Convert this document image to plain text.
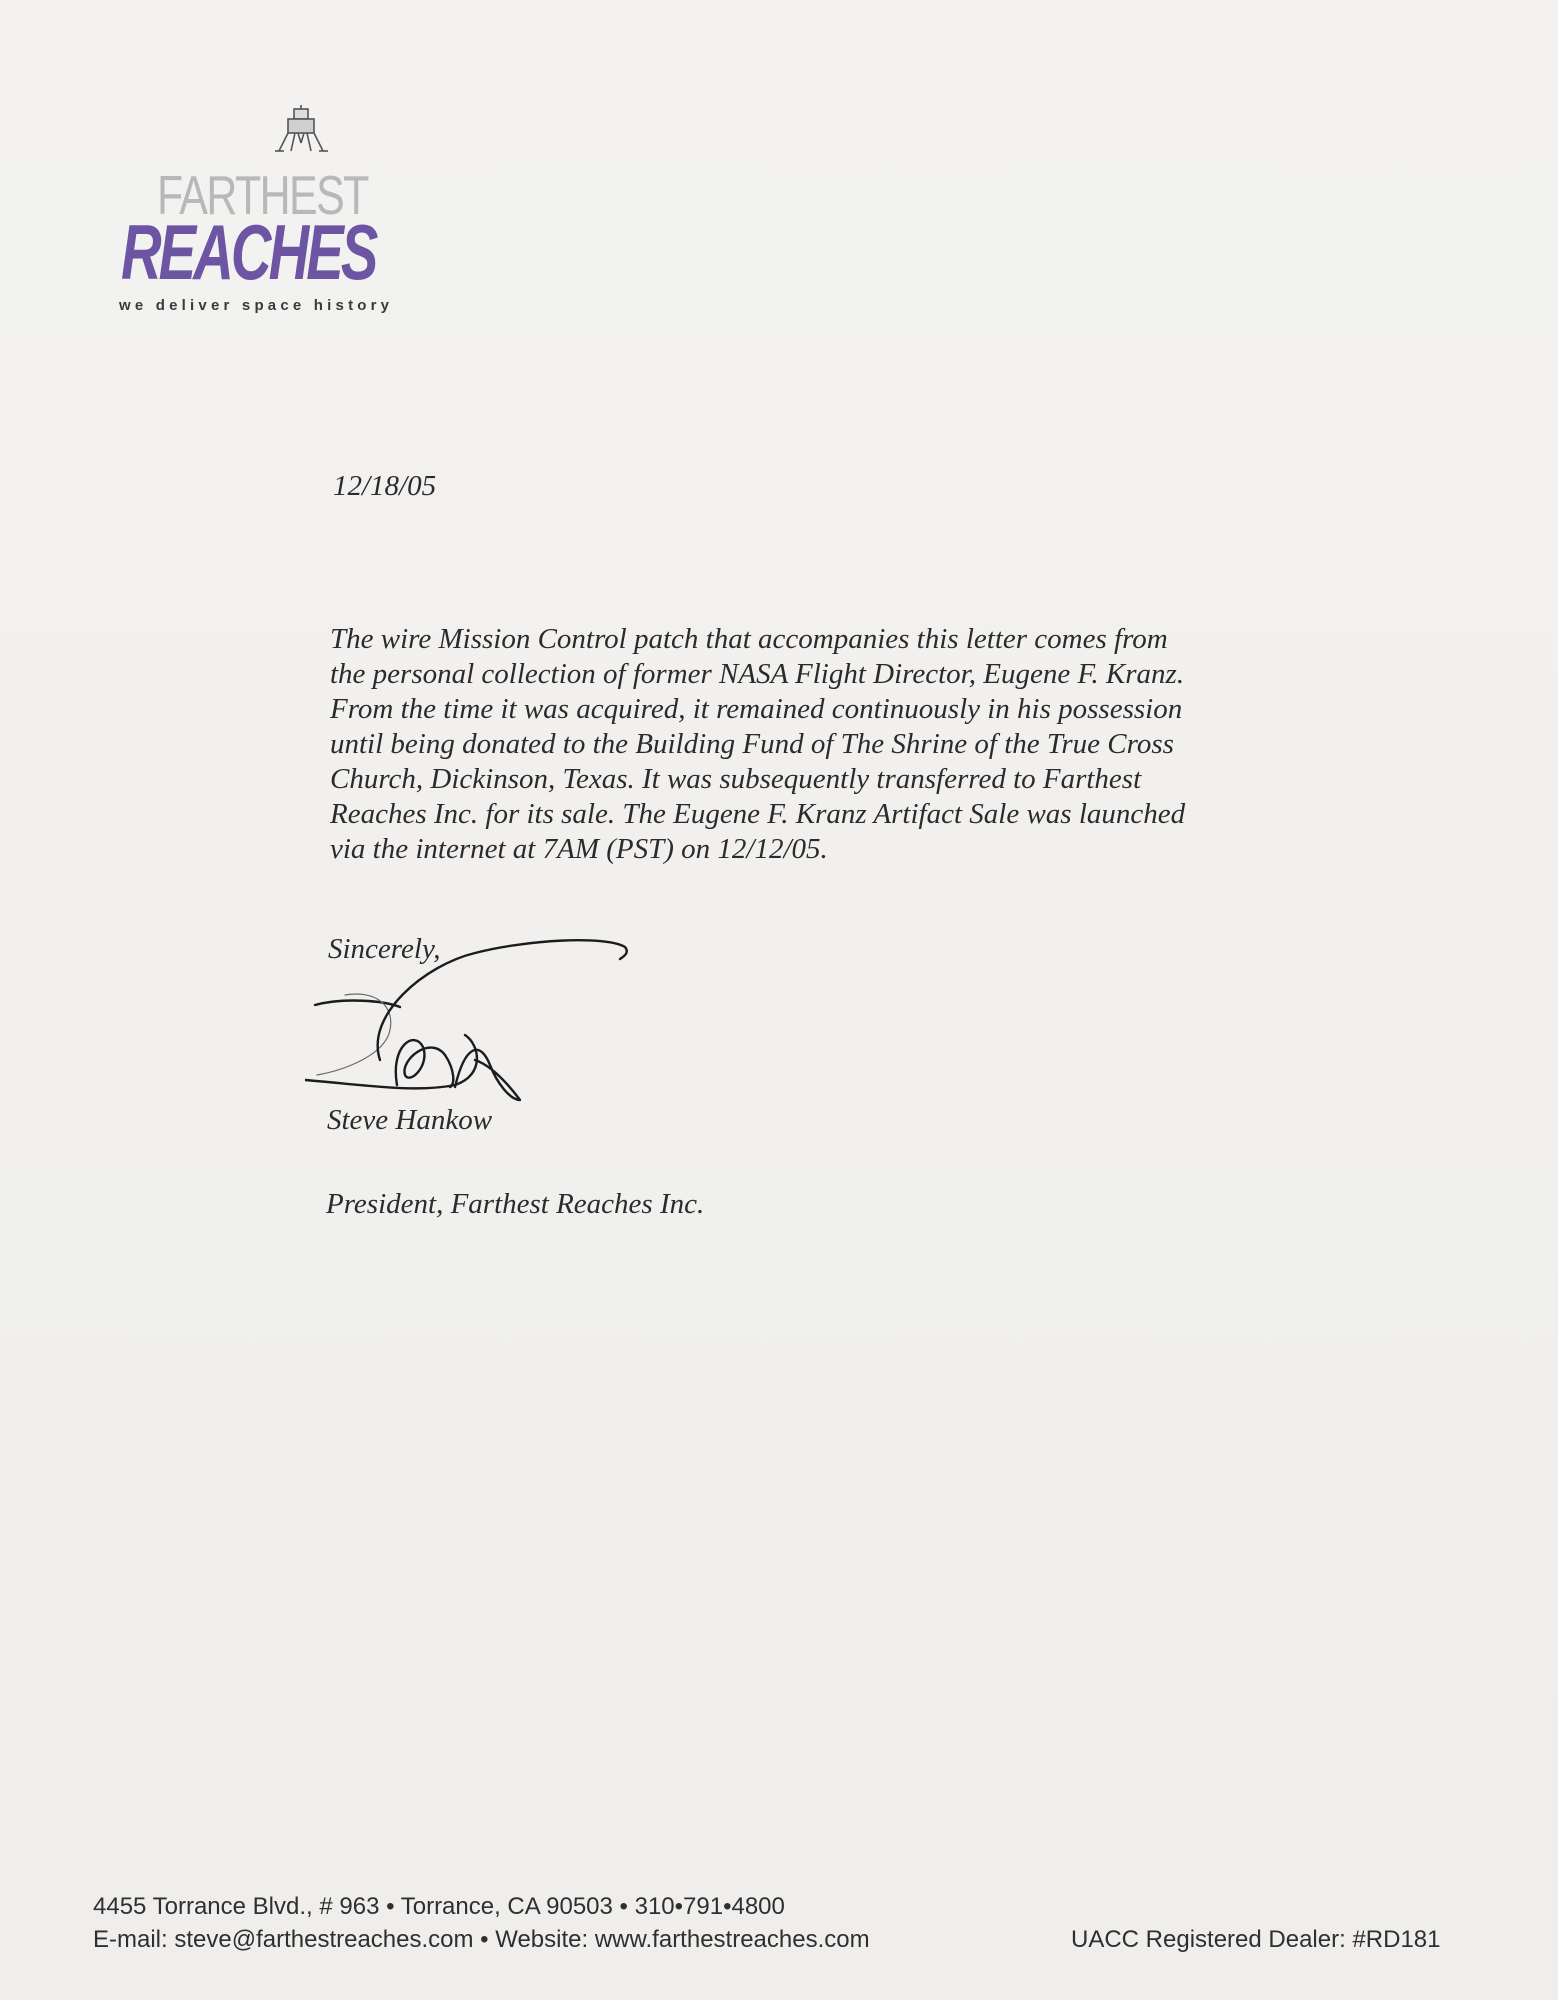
FARTHEST
REACHES
we deliver space history
12/18/05
The wire Mission Control patch that accompanies this letter comes from
the personal collection of former NASA Flight Director, Eugene F. Kranz.
From the time it was acquired, it remained continuously in his possession
until being donated to the Building Fund of The Shrine of the True Cross
Church, Dickinson, Texas. It was subsequently transferred to Farthest
Reaches Inc. for its sale. The Eugene F. Kranz Artifact Sale was launched
via the internet at 7AM (PST) on 12/12/05.
Sincerely,
Steve Hankow
President, Farthest Reaches Inc.
4455 Torrance Blvd., # 963 • Torrance, CA 90503 • 310•791•4800
E-mail: steve@farthestreaches.com • Website: www.farthestreaches.com	UACC Registered Dealer: #RD181
